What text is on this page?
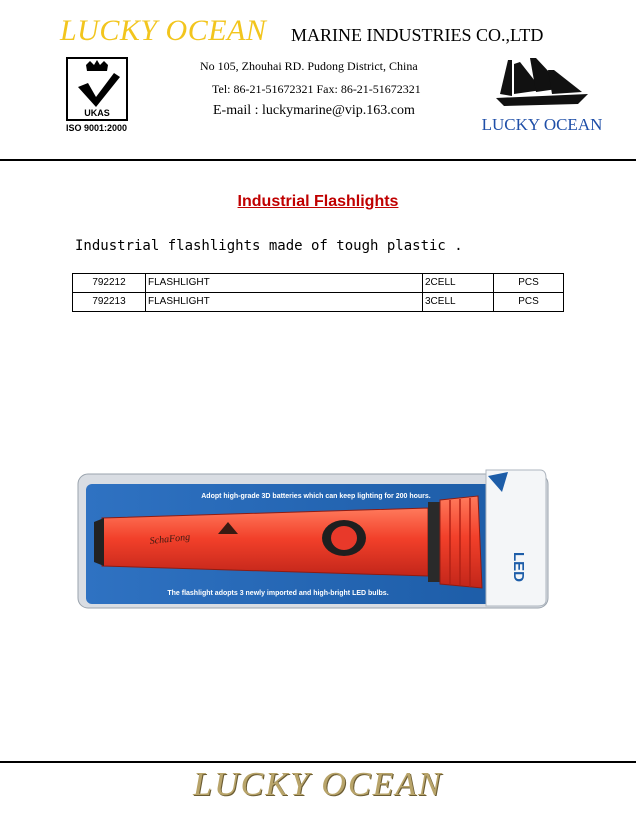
LUCKY OCEAN MARINE INDUSTRIES CO.,LTD
UKAS
ISO 9001:2000
No 105, Zhouhai RD. Pudong District, China
Tel: 86-21-51672321 Fax: 86-21-51672321
E-mail : luckymarine@vip.163.com
LUCKY OCEAN
Industrial Flashlights
Industrial flashlights made of tough plastic .
792212	FLASHLIGHT	2CELL	PCS
792213	FLASHLIGHT	3CELL	PCS
Adopt high-grade 3D batteries which can keep lighting for 200 hours.
The flashlight adopts 3 newly imported and high-bright LED bulbs.
SchaFong
LED
LUCKY OCEAN
